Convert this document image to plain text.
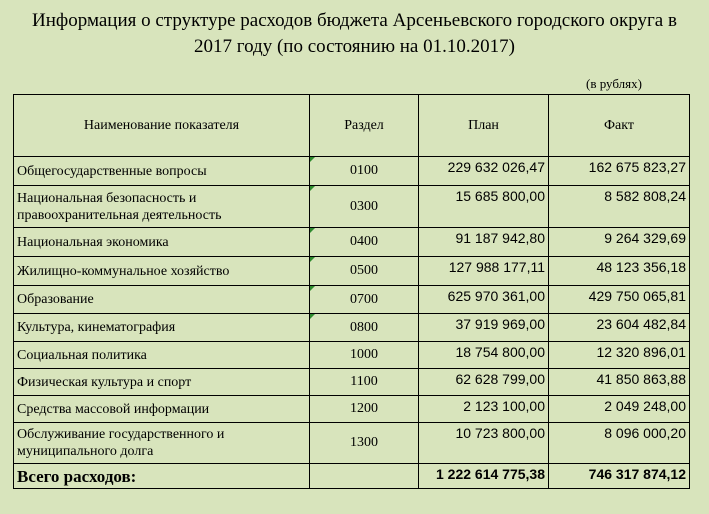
Информация о структуре расходов бюджета Арсеньевского городского округа в
2017 году (по состоянию на 01.10.2017)
(в рублях)
Наименование показателя	Раздел	План	Факт
Общегосударственные вопросы	0100	229 632 026,47	162 675 823,27
Национальная безопасность и правоохранительная деятельность	0300	15 685 800,00	8 582 808,24
Национальная экономика	0400	91 187 942,80	9 264 329,69
Жилищно-коммунальное хозяйство	0500	127 988 177,11	48 123 356,18
Образование	0700	625 970 361,00	429 750 065,81
Культура, кинематография	0800	37 919 969,00	23 604 482,84
Социальная политика	1000	18 754 800,00	12 320 896,01
Физическая культура и спорт	1100	62 628 799,00	41 850 863,88
Средства массовой информации	1200	2 123 100,00	2 049 248,00
Обслуживание государственного и муниципального долга	1300	10 723 800,00	8 096 000,20
Всего расходов:		1 222 614 775,38	746 317 874,12
